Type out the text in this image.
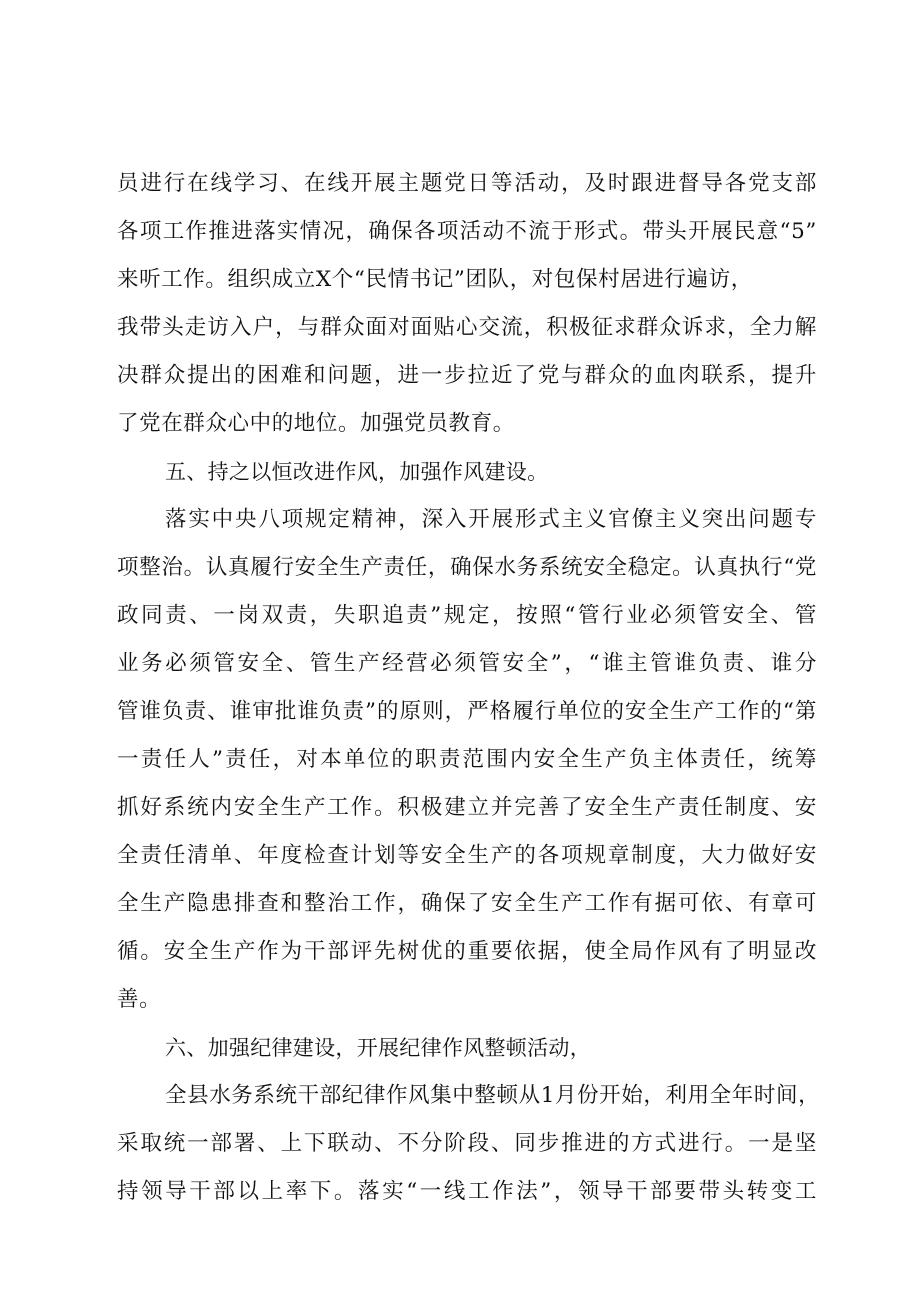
员进行在线学习、在线开展主题党日等活动，及时跟进督导各党支部
各项工作推进落实情况，确保各项活动不流于形式。带头开展民意“5”
来听工作。组织成立X个“民情书记”团队，对包保村居进行遍访，
我带头走访入户，与群众面对面贴心交流，积极征求群众诉求，全力解
决群众提出的困难和问题，进一步拉近了党与群众的血肉联系，提升
了党在群众心中的地位。加强党员教育。
五、持之以恒改进作风，加强作风建设。
落实中央八项规定精神，深入开展形式主义官僚主义突出问题专
项整治。认真履行安全生产责任，确保水务系统安全稳定。认真执行“党
政同责、一岗双责，失职追责”规定，按照“管行业必须管安全、管
业务必须管安全、管生产经营必须管安全”，“谁主管谁负责、谁分
管谁负责、谁审批谁负责”的原则，严格履行单位的安全生产工作的“第
一责任人”责任，对本单位的职责范围内安全生产负主体责任，统筹
抓好系统内安全生产工作。积极建立并完善了安全生产责任制度、安
全责任清单、年度检查计划等安全生产的各项规章制度，大力做好安
全生产隐患排查和整治工作，确保了安全生产工作有据可依、有章可
循。安全生产作为干部评先树优的重要依据，使全局作风有了明显改
善。
六、加强纪律建设，开展纪律作风整顿活动，
全县水务系统干部纪律作风集中整顿从1月份开始，利用全年时间，
采取统一部署、上下联动、不分阶段、同步推进的方式进行。一是坚
持领导干部以上率下。落实“一线工作法”，领导干部要带头转变工
